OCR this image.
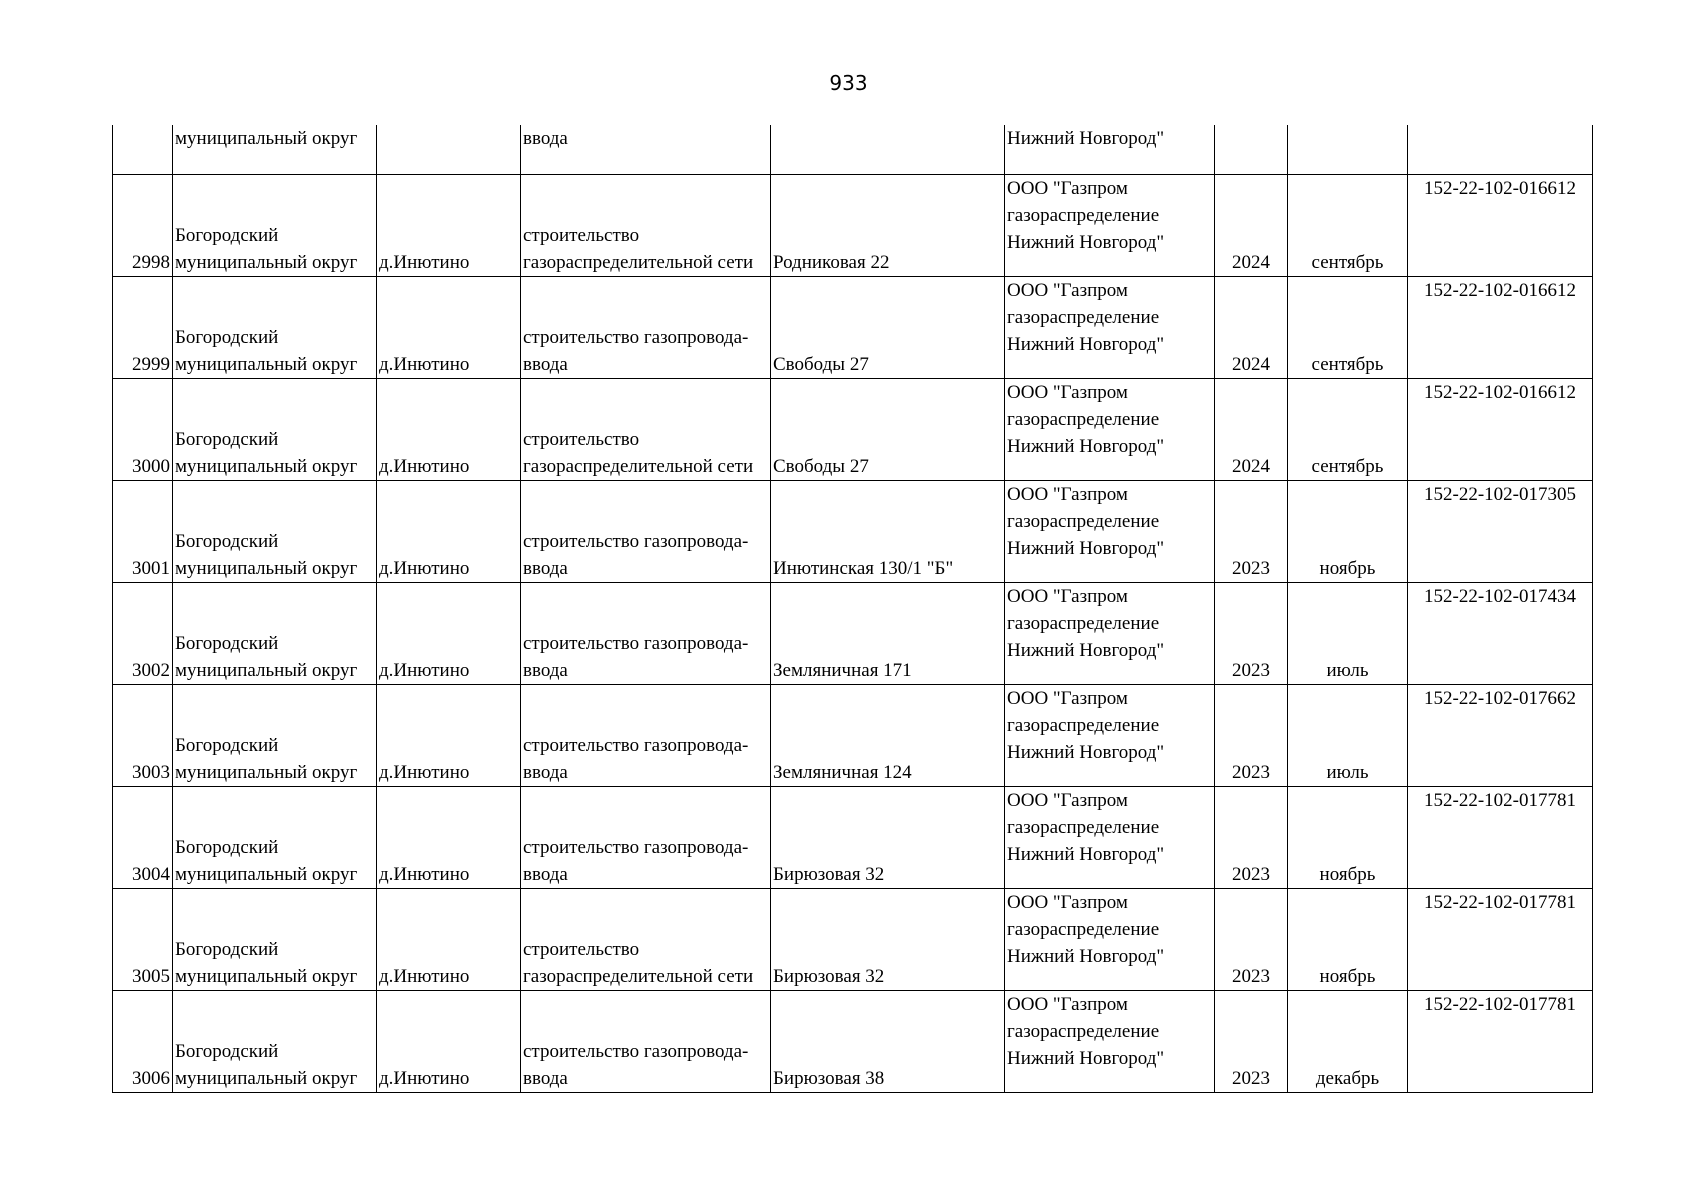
933

	муниципальный округ		ввода		Нижний Новгород"			

2998	Богородский
муниципальный округ	д.Инютино	строительство
газораспределительной сети	Родниковая 22	ООО "Газпром
газораспределение
Нижний Новгород"	2024	сентябрь	152-22-102-016612
2999	Богородский
муниципальный округ	д.Инютино	строительство газопровода-
ввода	Свободы 27	ООО "Газпром
газораспределение
Нижний Новгород"	2024	сентябрь	152-22-102-016612
3000	Богородский
муниципальный округ	д.Инютино	строительство
газораспределительной сети	Свободы 27	ООО "Газпром
газораспределение
Нижний Новгород"	2024	сентябрь	152-22-102-016612
3001	Богородский
муниципальный округ	д.Инютино	строительство газопровода-
ввода	Инютинская 130/1 "Б"	ООО "Газпром
газораспределение
Нижний Новгород"	2023	ноябрь	152-22-102-017305
3002	Богородский
муниципальный округ	д.Инютино	строительство газопровода-
ввода	Земляничная 171	ООО "Газпром
газораспределение
Нижний Новгород"	2023	июль	152-22-102-017434
3003	Богородский
муниципальный округ	д.Инютино	строительство газопровода-
ввода	Земляничная 124	ООО "Газпром
газораспределение
Нижний Новгород"	2023	июль	152-22-102-017662
3004	Богородский
муниципальный округ	д.Инютино	строительство газопровода-
ввода	Бирюзовая 32	ООО "Газпром
газораспределение
Нижний Новгород"	2023	ноябрь	152-22-102-017781
3005	Богородский
муниципальный округ	д.Инютино	строительство
газораспределительной сети	Бирюзовая 32	ООО "Газпром
газораспределение
Нижний Новгород"	2023	ноябрь	152-22-102-017781
3006	Богородский
муниципальный округ	д.Инютино	строительство газопровода-
ввода	Бирюзовая 38	ООО "Газпром
газораспределение
Нижний Новгород"	2023	декабрь	152-22-102-017781
